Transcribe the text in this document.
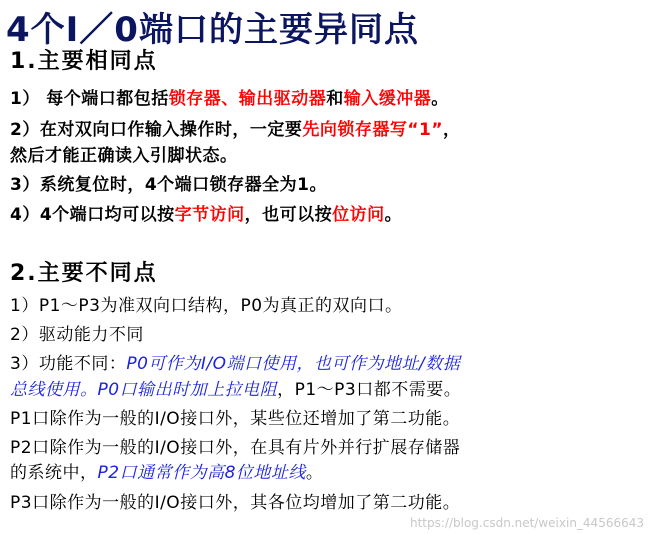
4个I／0端口的主要异同点
1.主要相同点
1） 每个端口都包括锁存器、输出驱动器和输入缓冲器。
2）在对双向口作输入操作时，一定要先向锁存器写“1”，
然后才能正确读入引脚状态。
3）系统复位时，4个端口锁存器全为1。
4）4个端口均可以按字节访问，也可以按位访问。
2.主要不同点
1）P1～P3为准双向口结构，P0为真正的双向口。
2）驱动能力不同
3）功能不同：P0可作为I/O端口使用，也可作为地址/数据
总线使用。P0口输出时加上拉电阻，P1～P3口都不需要。
P1口除作为一般的I/O接口外，某些位还增加了第二功能。
P2口除作为一般的I/O接口外，在具有片外并行扩展存储器
的系统中，P2口通常作为高8位地址线。
P3口除作为一般的I/O接口外，其各位均增加了第二功能。
https://blog.csdn.net/weixin_44566643
